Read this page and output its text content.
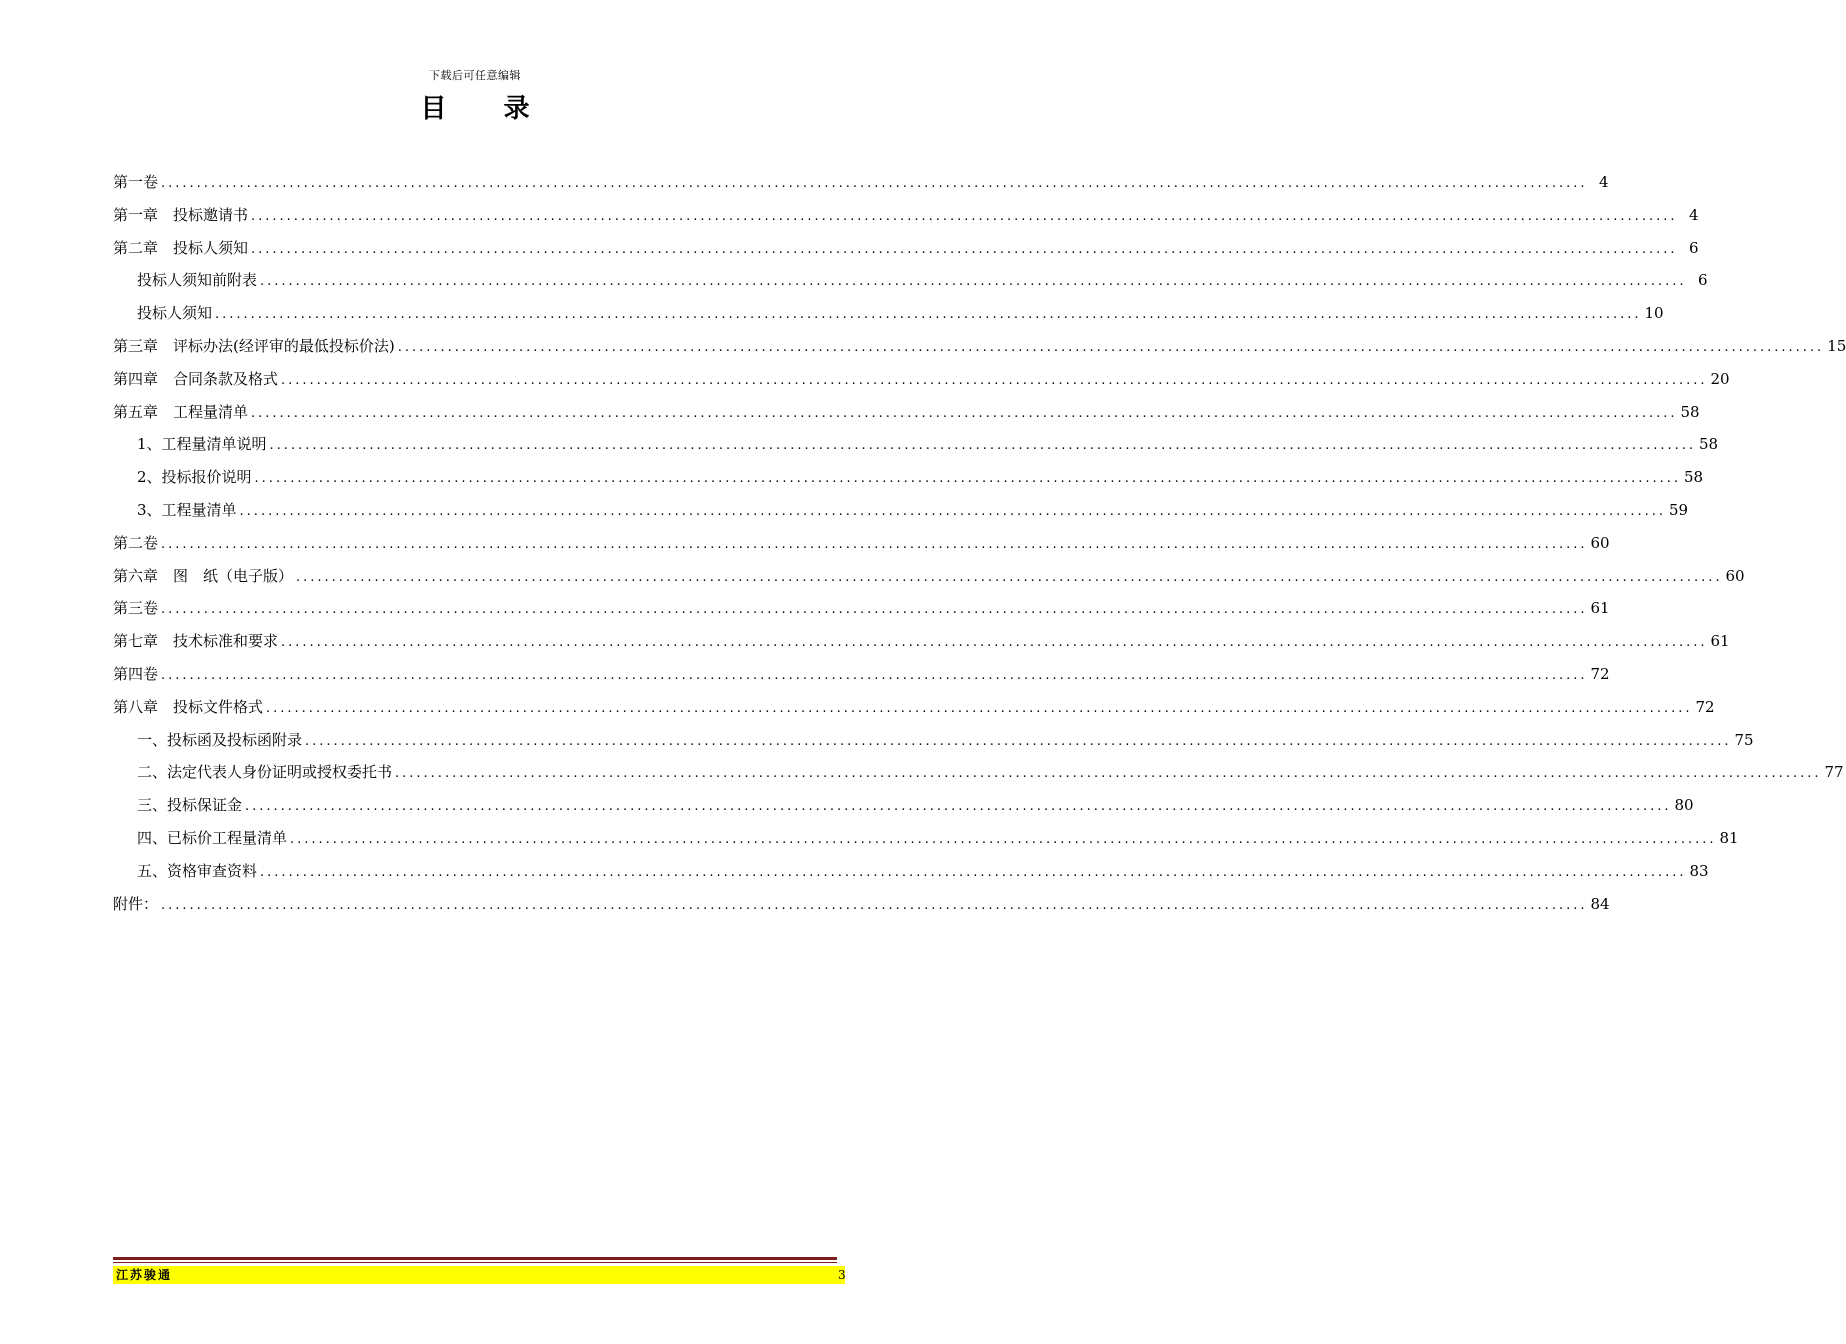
下载后可任意编辑
目 录
第一卷 ........................................................................................................................................................................................................ 4
第一章　投标邀请书 ........................................................................................................................................................................................................ 4
第二章　投标人须知 ........................................................................................................................................................................................................ 6
投标人须知前附表 ........................................................................................................................................................................................................ 6
投标人须知 ........................................................................................................................................................................................................ 10
第三章　评标办法(经评审的最低投标价法) ........................................................................................................................................................................................................ 15
第四章　合同条款及格式 ........................................................................................................................................................................................................ 20
第五章　工程量清单 ........................................................................................................................................................................................................ 58
1、工程量清单说明 ........................................................................................................................................................................................................ 58
2、投标报价说明 ........................................................................................................................................................................................................ 58
3、工程量清单 ........................................................................................................................................................................................................ 59
第二卷 ........................................................................................................................................................................................................ 60
第六章　图　纸（电子版） ........................................................................................................................................................................................................ 60
第三卷 ........................................................................................................................................................................................................ 61
第七章　技术标准和要求 ........................................................................................................................................................................................................ 61
第四卷 ........................................................................................................................................................................................................ 72
第八章　投标文件格式 ........................................................................................................................................................................................................ 72
一、投标函及投标函附录 ........................................................................................................................................................................................................ 75
二、法定代表人身份证明或授权委托书 ........................................................................................................................................................................................................ 77
三、投标保证金 ........................................................................................................................................................................................................ 80
四、已标价工程量清单 ........................................................................................................................................................................................................ 81
五、资格审查资料 ........................................................................................................................................................................................................ 83
附件： ........................................................................................................................................................................................................ 84
江苏骏通	3
